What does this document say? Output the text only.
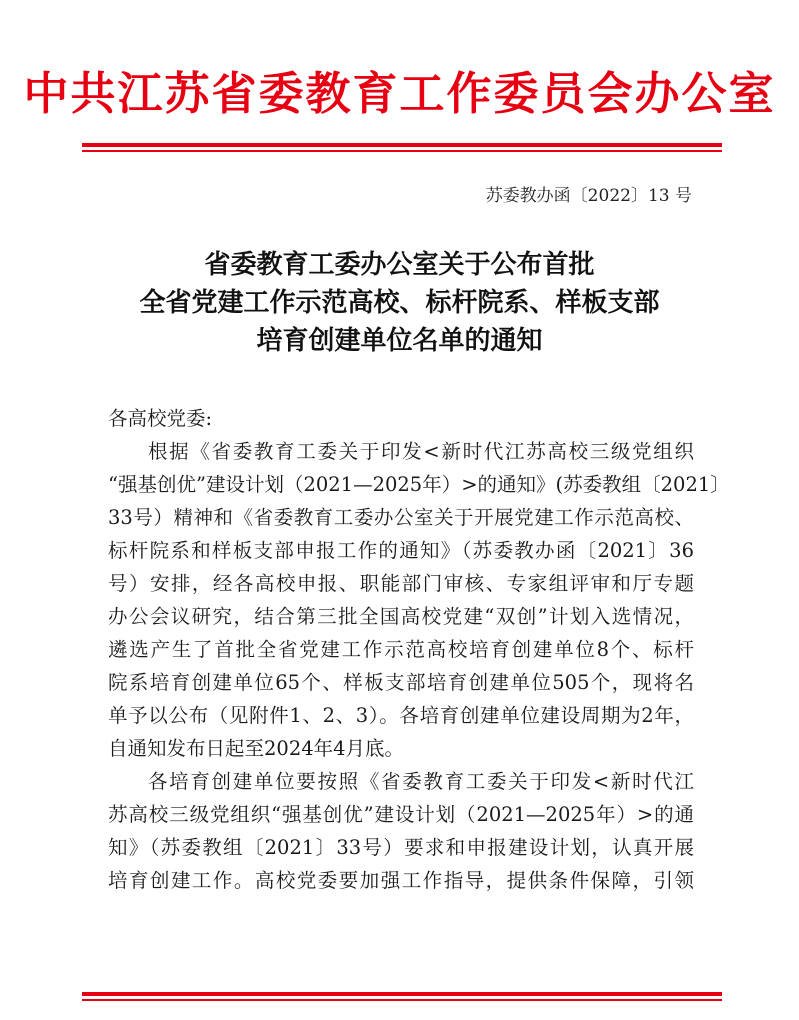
中共江苏省委教育工作委员会办公室
苏委教办函〔2022〕13 号
省委教育工委办公室关于公布首批
全省党建工作示范高校、标杆院系、样板支部
培育创建单位名单的通知
各高校党委:
根据《省委教育工委关于印发<新时代江苏高校三级党组织
“强基创优”建设计划（2021—2025年）>的通知》(苏委教组〔2021〕
33号）精神和《省委教育工委办公室关于开展党建工作示范高校、
标杆院系和样板支部申报工作的通知》（苏委教办函〔2021〕36
号）安排，经各高校申报、职能部门审核、专家组评审和厅专题
办公会议研究，结合第三批全国高校党建“双创”计划入选情况，
遴选产生了首批全省党建工作示范高校培育创建单位8个、标杆
院系培育创建单位65个、样板支部培育创建单位505个，现将名
单予以公布（见附件1、2、3）。各培育创建单位建设周期为2年，
自通知发布日起至2024年4月底。
各培育创建单位要按照《省委教育工委关于印发<新时代江
苏高校三级党组织“强基创优”建设计划（2021—2025年）>的通
知》（苏委教组〔2021〕33号）要求和申报建设计划，认真开展
培育创建工作。高校党委要加强工作指导，提供条件保障，引领
